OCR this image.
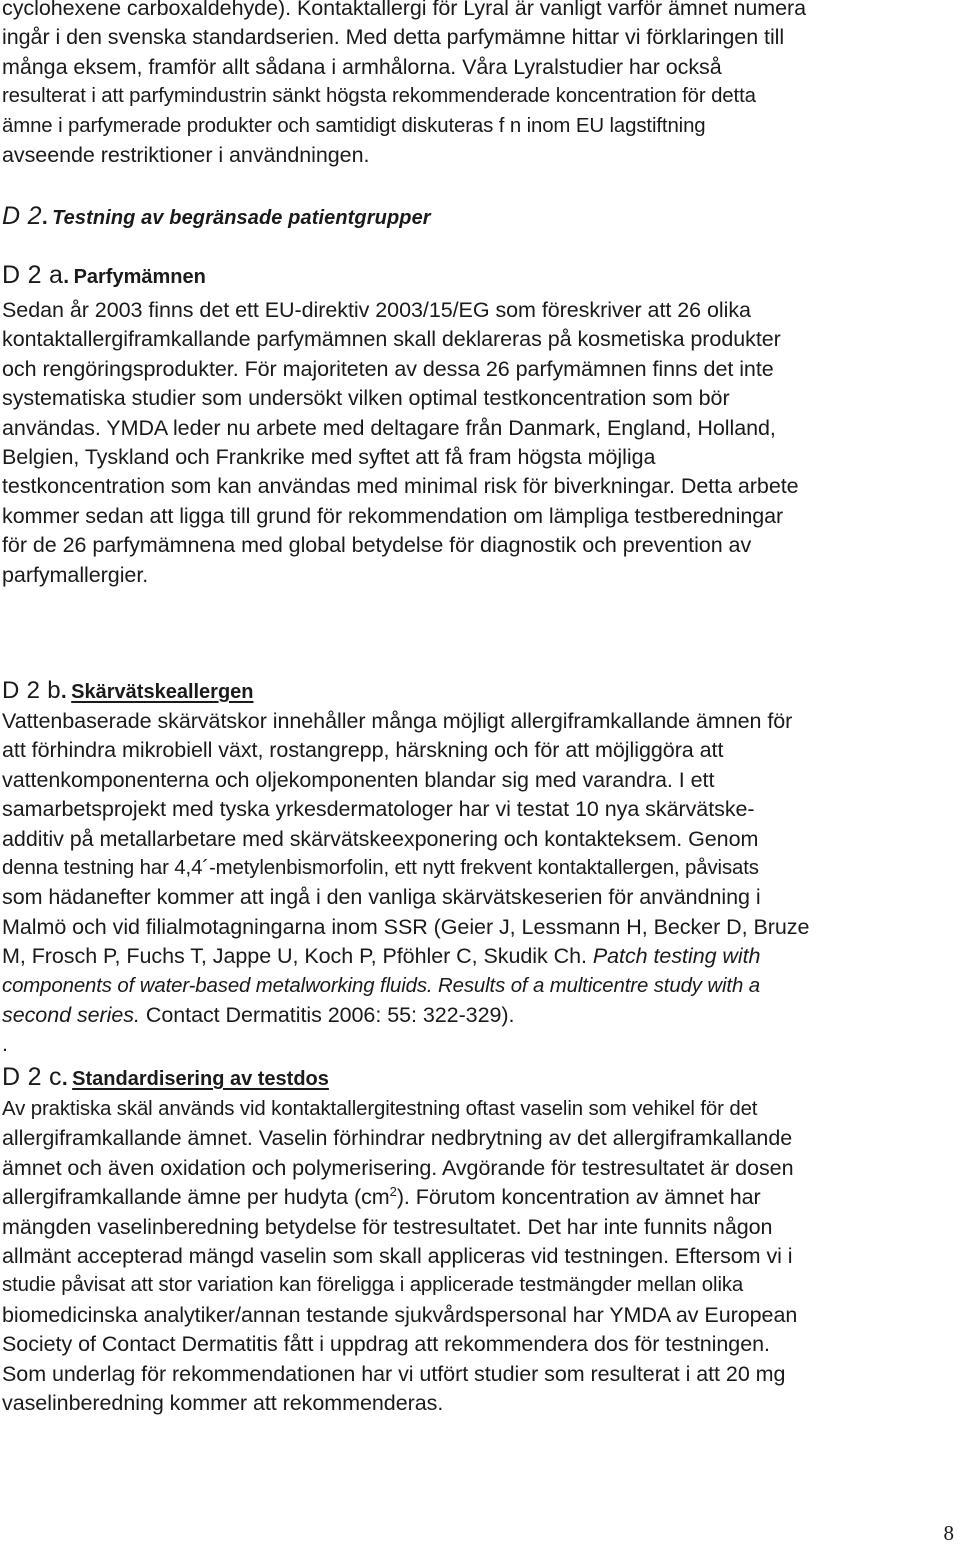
cyclohexene carboxaldehyde). Kontaktallergi för Lyral är vanligt varför ämnet numera
ingår i den svenska standardserien. Med detta parfymämne hittar vi förklaringen till
många eksem, framför allt sådana i armhålorna. Våra Lyralstudier har också
resulterat i att parfymindustrin sänkt högsta rekommenderade koncentration för detta
ämne i parfymerade produkter och samtidigt diskuteras f n inom EU lagstiftning
avseende restriktioner i användningen.
D 2. Testning av begränsade patientgrupper
D 2 a. Parfymämnen
Sedan år 2003 finns det ett EU-direktiv 2003/15/EG som föreskriver att 26 olika
kontaktallergiframkallande parfymämnen skall deklareras på kosmetiska produkter
och rengöringsprodukter. För majoriteten av dessa 26 parfymämnen finns det inte
systematiska studier som undersökt vilken optimal testkoncentration som bör
användas. YMDA leder nu arbete med deltagare från Danmark, England, Holland,
Belgien, Tyskland och Frankrike med syftet att få fram högsta möjliga
testkoncentration som kan användas med minimal risk för biverkningar. Detta arbete
kommer sedan att ligga till grund för rekommendation om lämpliga testberedningar
för de 26 parfymämnena med global betydelse för diagnostik och prevention av
parfymallergier.
D 2 b. Skärvätskeallergen
Vattenbaserade skärvätskor innehåller många möjligt allergiframkallande ämnen för
att förhindra mikrobiell växt, rostangrepp, härskning och för att möjliggöra att
vattenkomponenterna och oljekomponenten blandar sig med varandra. I ett
samarbetsprojekt med tyska yrkesdermatologer har vi testat 10 nya skärvätske-
additiv på metallarbetare med skärvätskeexponering och kontakteksem. Genom
denna testning har 4,4´-metylenbismorfolin, ett nytt frekvent kontaktallergen, påvisats
som hädanefter kommer att ingå i den vanliga skärvätskeserien för användning i
Malmö och vid filialmotagningarna inom SSR (Geier J, Lessmann H, Becker D, Bruze
M, Frosch P, Fuchs T, Jappe U, Koch P, Pföhler C, Skudik Ch. Patch testing with
components of water-based metalworking fluids. Results of a multicentre study with a
second series. Contact Dermatitis 2006: 55: 322-329).
.
D 2 c. Standardisering av testdos
Av praktiska skäl används vid kontaktallergitestning oftast vaselin som vehikel för det
allergiframkallande ämnet. Vaselin förhindrar nedbrytning av det allergiframkallande
ämnet och även oxidation och polymerisering. Avgörande för testresultatet är dosen
allergiframkallande ämne per hudyta $(cm^2)$. Förutom koncentration av ämnet har
mängden vaselinberedning betydelse för testresultatet. Det har inte funnits någon
allmänt accepterad mängd vaselin som skall appliceras vid testningen. Eftersom vi i
studie påvisat att stor variation kan föreligga i applicerade testmängder mellan olika
biomedicinska analytiker/annan testande sjukvårdspersonal har YMDA av European
Society of Contact Dermatitis fått i uppdrag att rekommendera dos för testningen.
Som underlag för rekommendationen har vi utfört studier som resulterat i att 20 mg
vaselinberedning kommer att rekommenderas.
8
